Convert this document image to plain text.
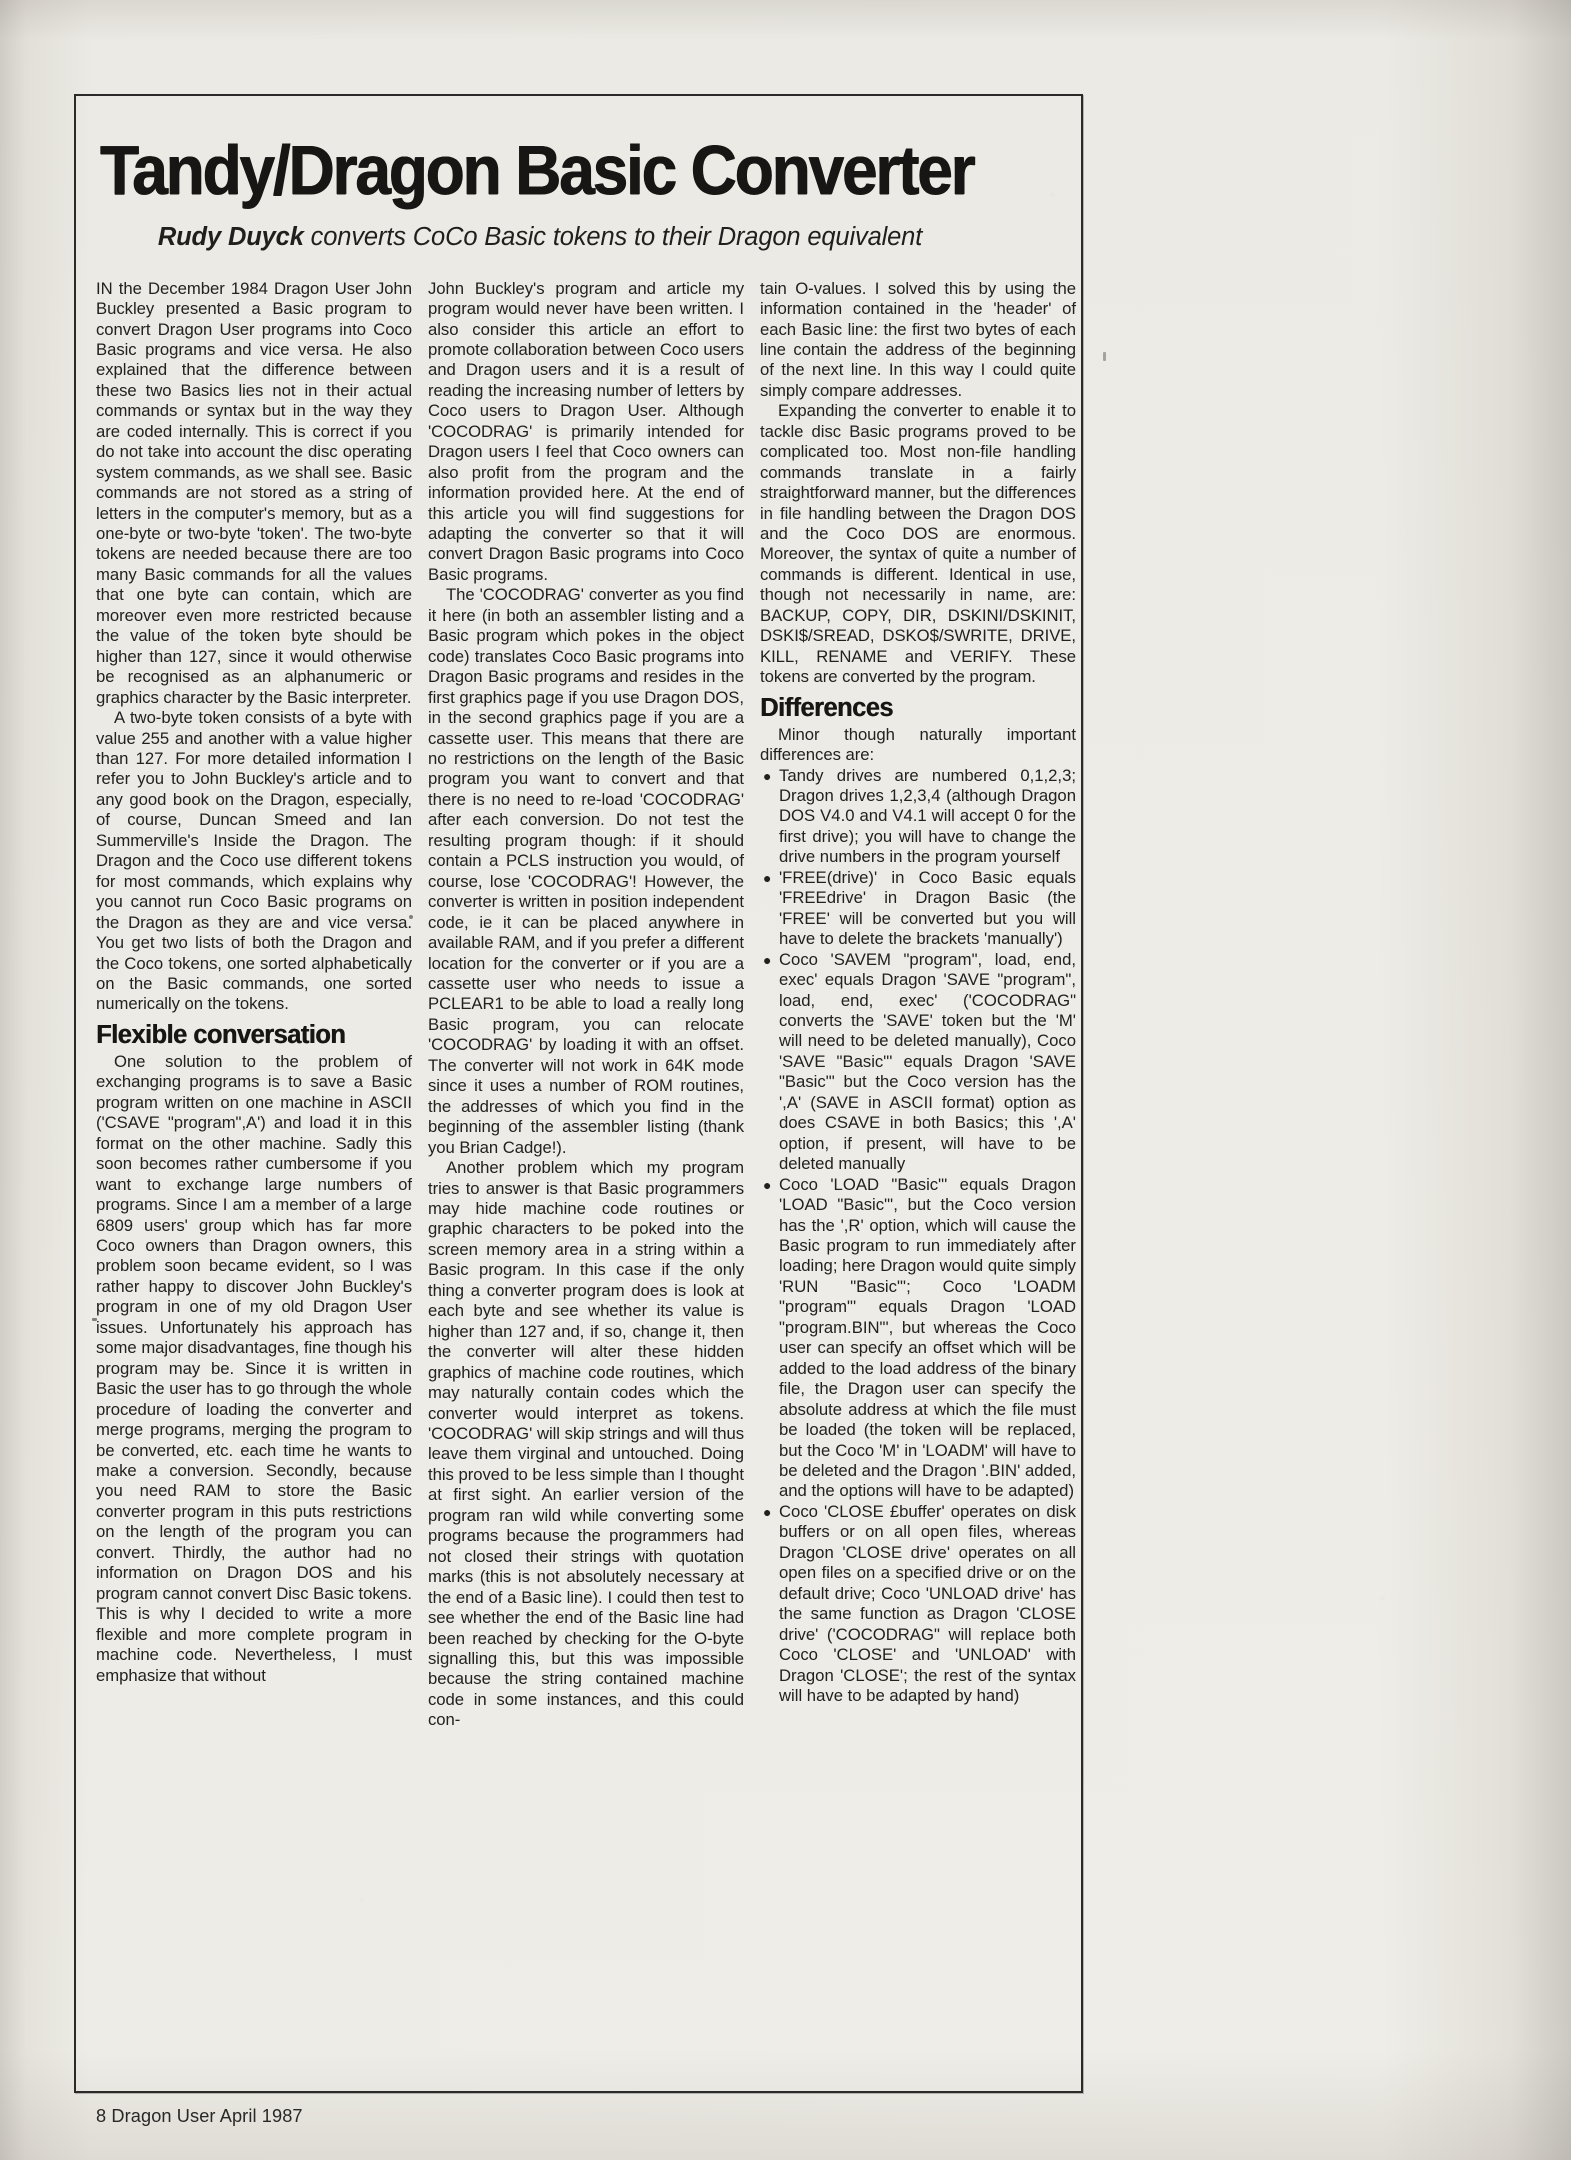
Tandy/Dragon Basic Converter

Rudy Duyck converts CoCo Basic tokens to their Dragon equivalent

IN the December 1984 Dragon User John Buckley presented a Basic program to convert Dragon User programs into Coco Basic programs and vice versa. He also explained that the difference between these two Basics lies not in their actual commands or syntax but in the way they are coded internally. This is correct if you do not take into account the disc operating system commands, as we shall see. Basic commands are not stored as a string of letters in the computer's memory, but as a one-byte or two-byte 'token'. The two-byte tokens are needed because there are too many Basic commands for all the values that one byte can contain, which are moreover even more restricted because the value of the token byte should be higher than 127, since it would otherwise be recognised as an alphanumeric or graphics character by the Basic interpreter.

A two-byte token consists of a byte with value 255 and another with a value higher than 127. For more detailed information I refer you to John Buckley's article and to any good book on the Dragon, especially, of course, Duncan Smeed and Ian Summerville's Inside the Dragon. The Dragon and the Coco use different tokens for most commands, which explains why you cannot run Coco Basic programs on the Dragon as they are and vice versa. You get two lists of both the Dragon and the Coco tokens, one sorted alphabetically on the Basic commands, one sorted numerically on the tokens.

Flexible conversation

One solution to the problem of exchanging programs is to save a Basic program written on one machine in ASCII ('CSAVE "program",A') and load it in this format on the other machine. Sadly this soon becomes rather cumbersome if you want to exchange large numbers of programs. Since I am a member of a large 6809 users' group which has far more Coco owners than Dragon owners, this problem soon became evident, so I was rather happy to discover John Buckley's program in one of my old Dragon User issues. Unfortunately his approach has some major disadvantages, fine though his program may be. Since it is written in Basic the user has to go through the whole procedure of loading the converter and merge programs, merging the program to be converted, etc. each time he wants to make a conversion. Secondly, because you need RAM to store the Basic converter program in this puts restrictions on the length of the program you can convert. Thirdly, the author had no information on Dragon DOS and his program cannot convert Disc Basic tokens. This is why I decided to write a more flexible and more complete program in machine code. Nevertheless, I must emphasize that without

John Buckley's program and article my program would never have been written. I also consider this article an effort to promote collaboration between Coco users and Dragon users and it is a result of reading the increasing number of letters by Coco users to Dragon User. Although 'COCODRAG' is primarily intended for Dragon users I feel that Coco owners can also profit from the program and the information provided here. At the end of this article you will find suggestions for adapting the converter so that it will convert Dragon Basic programs into Coco Basic programs.

The 'COCODRAG' converter as you find it here (in both an assembler listing and a Basic program which pokes in the object code) translates Coco Basic programs into Dragon Basic programs and resides in the first graphics page if you use Dragon DOS, in the second graphics page if you are a cassette user. This means that there are no restrictions on the length of the Basic program you want to convert and that there is no need to re-load 'COCODRAG' after each conversion. Do not test the resulting program though: if it should contain a PCLS instruction you would, of course, lose 'COCODRAG'! However, the converter is written in position independent code, ie it can be placed anywhere in available RAM, and if you prefer a different location for the converter or if you are a cassette user who needs to issue a PCLEAR1 to be able to load a really long Basic program, you can relocate 'COCODRAG' by loading it with an offset. The converter will not work in 64K mode since it uses a number of ROM routines, the addresses of which you find in the beginning of the assembler listing (thank you Brian Cadge!).

Another problem which my program tries to answer is that Basic programmers may hide machine code routines or graphic characters to be poked into the screen memory area in a string within a Basic program. In this case if the only thing a converter program does is look at each byte and see whether its value is higher than 127 and, if so, change it, then the converter will alter these hidden graphics of machine code routines, which may naturally contain codes which the converter would interpret as tokens. 'COCODRAG' will skip strings and will thus leave them virginal and untouched. Doing this proved to be less simple than I thought at first sight. An earlier version of the program ran wild while converting some programs because the programmers had not closed their strings with quotation marks (this is not absolutely necessary at the end of a Basic line). I could then test to see whether the end of the Basic line had been reached by checking for the O-byte signalling this, but this was impossible because the string contained machine code in some instances, and this could con-

tain O-values. I solved this by using the information contained in the 'header' of each Basic line: the first two bytes of each line contain the address of the beginning of the next line. In this way I could quite simply compare addresses.

Expanding the converter to enable it to tackle disc Basic programs proved to be complicated too. Most non-file handling commands translate in a fairly straightforward manner, but the differences in file handling between the Dragon DOS and the Coco DOS are enormous. Moreover, the syntax of quite a number of commands is different. Identical in use, though not necessarily in name, are: BACKUP, COPY, DIR, DSKINI/DSKINIT, DSKI$/SREAD, DSKO$/SWRITE, DRIVE, KILL, RENAME and VERIFY. These tokens are converted by the program.

Differences

Minor though naturally important differences are:

● Tandy drives are numbered 0,1,2,3; Dragon drives 1,2,3,4 (although Dragon DOS V4.0 and V4.1 will accept 0 for the first drive); you will have to change the drive numbers in the program yourself
● 'FREE(drive)' in Coco Basic equals 'FREEdrive' in Dragon Basic (the 'FREE' will be converted but you will have to delete the brackets 'manually')
● Coco 'SAVEM "program", load, end, exec' equals Dragon 'SAVE "program", load, end, exec' ('COCODRAG" converts the 'SAVE' token but the 'M' will need to be deleted manually), Coco 'SAVE "Basic"' equals Dragon 'SAVE "Basic"' but the Coco version has the ',A' (SAVE in ASCII format) option as does CSAVE in both Basics; this ',A' option, if present, will have to be deleted manually
● Coco 'LOAD "Basic"' equals Dragon 'LOAD "Basic"', but the Coco version has the ',R' option, which will cause the Basic program to run immediately after loading; here Dragon would quite simply 'RUN "Basic"'; Coco 'LOADM "program"' equals Dragon 'LOAD "program.BIN"', but whereas the Coco user can specify an offset which will be added to the load address of the binary file, the Dragon user can specify the absolute address at which the file must be loaded (the token will be replaced, but the Coco 'M' in 'LOADM' will have to be deleted and the Dragon '.BIN' added, and the options will have to be adapted)
● Coco 'CLOSE £buffer' operates on disk buffers or on all open files, whereas Dragon 'CLOSE drive' operates on all open files on a specified drive or on the default drive; Coco 'UNLOAD drive' has the same function as Dragon 'CLOSE drive' ('COCODRAG" will replace both Coco 'CLOSE' and 'UNLOAD' with Dragon 'CLOSE'; the rest of the syntax will have to be adapted by hand)
8 Dragon User April 1987
